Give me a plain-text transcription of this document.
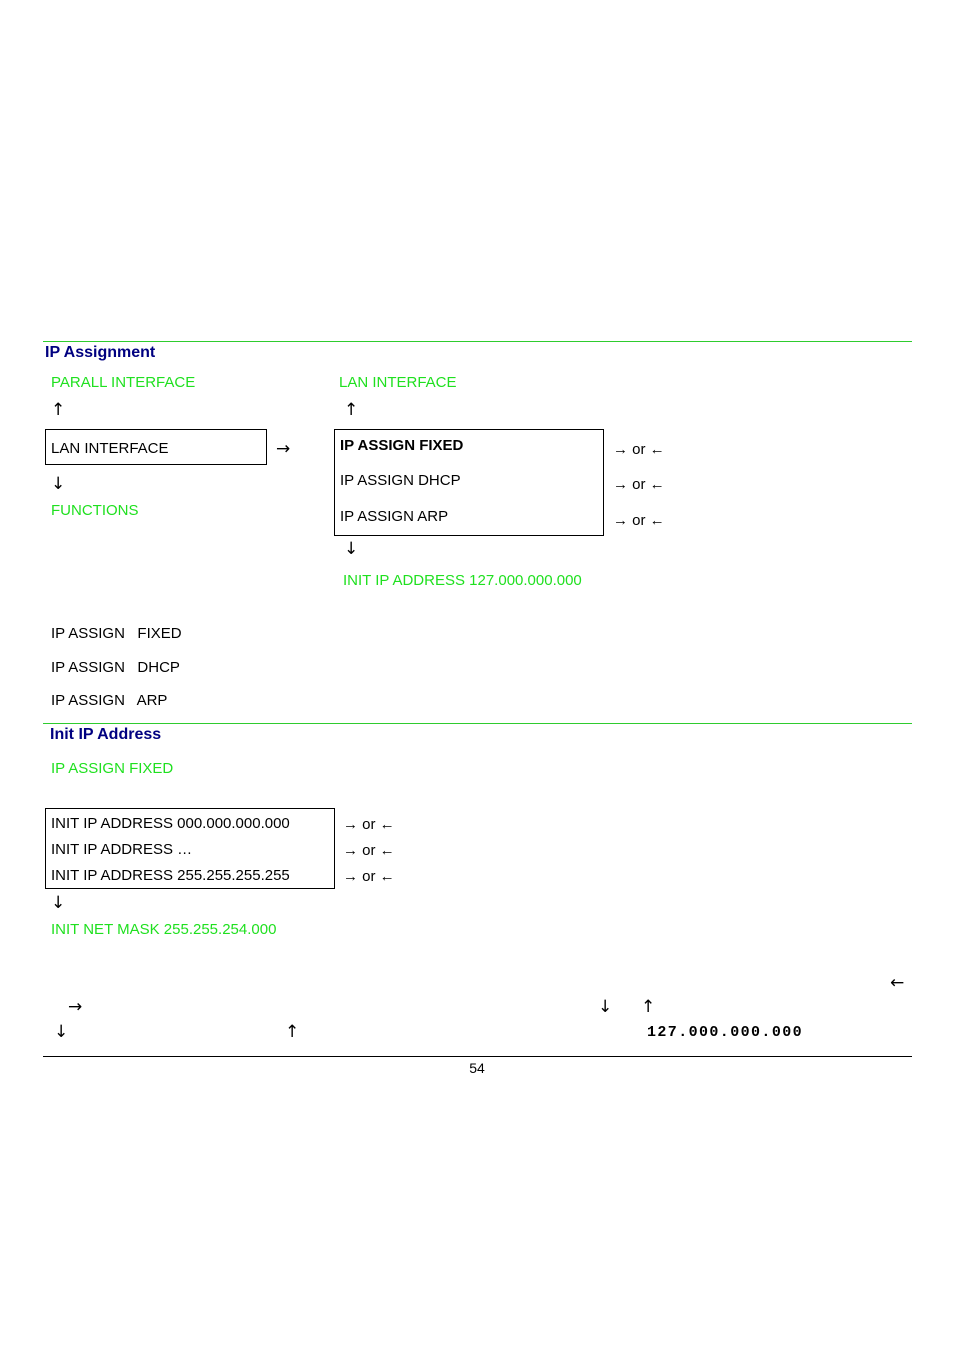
IP Assignment
PARALL INTERFACE	LAN INTERFACE
↑	↑
LAN INTERFACE	→	IP ASSIGN FIXED
IP ASSIGN DHCP
IP ASSIGN ARP
→ or ←
→ or ←
→ or ←
↓
FUNCTIONS
↓
INIT IP ADDRESS 127.000.000.000
IP ASSIGN   FIXED
IP ASSIGN   DHCP
IP ASSIGN   ARP
Init IP Address
IP ASSIGN FIXED
INIT IP ADDRESS 000.000.000.000
INIT IP ADDRESS …
INIT IP ADDRESS 255.255.255.255
→ or ←
→ or ←
→ or ←
↓
INIT NET MASK 255.255.254.000
←
→	↓ ↑
↓	↑	127.000.000.000
54
